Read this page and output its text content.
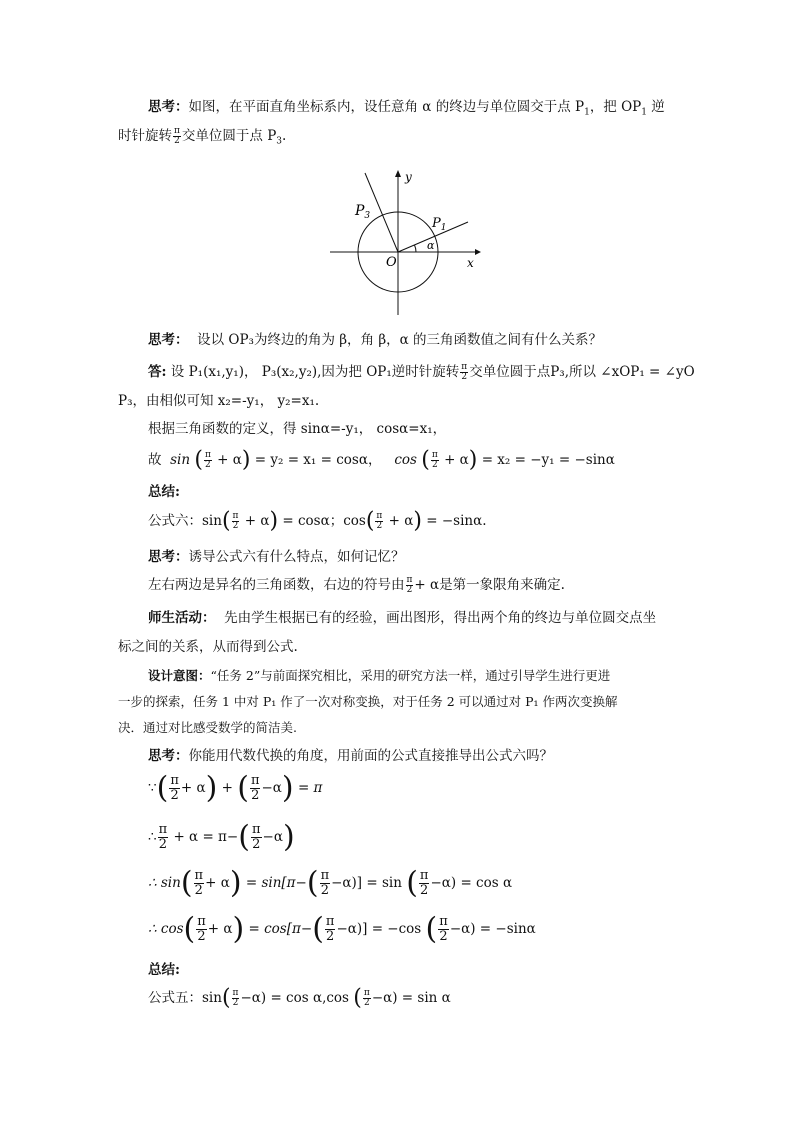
思考：如图，在平面直角坐标系内，设任意角 α 的终边与单位圆交于点 $P_1$，把 $OP_1$ 逆
时针旋转 $\frac{\pi}{2}$ 交单位圆于点 $P_3$.
$P_3$	$P_1$
α
O	x
y
思考： 设以 OP₃为终边的角为 β，角 β，α 的三角函数值之间有什么关系？
答: 设 P₁(x₁,y₁)， P₃(x₂,y₂),因为把 OP₁逆时针旋转 $\frac{\pi}{2}$ 交单位圆于点P₃,所以 ∠xOP₁ = ∠yO
P₃，由相似可知 x₂=-y₁， y₂=x₁.
根据三角函数的定义，得 sinα=-y₁， cosα=x₁，
故 sin ( $\frac{\pi}{2} + \alpha) = y_2 = x_1 = \cos\alpha$， cos ( $\frac{\pi}{2} + \alpha) = x_2 = -y_1 = -\sin\alpha$
总结:
公式六：$\sin( \frac{\pi}{2} + \alpha) = \cos\alpha$；$\cos( \frac{\pi}{2} + \alpha) = -\sin\alpha$.
思考：诱导公式六有什么特点，如何记忆？
左右两边是异名的三角函数，右边的符号由 $\frac{\pi}{2} + \alpha$是第一象限角来确定.
师生活动： 先由学生根据已有的经验，画出图形，得出两个角的终边与单位圆交点坐
标之间的关系，从而得到公式.
设计意图：“任务 2”与前面探究相比，采用的研究方法一样，通过引导学生进行更进
一步的探索，任务 1 中对 P₁ 作了一次对称变换，对于任务 2 可以通过对 P₁ 作两次变换解
决．通过对比感受数学的简洁美.
思考：你能用代数代换的角度，用前面的公式直接推导出公式六吗？
∵( $\frac{\pi}{2} + \alpha$) + ( $\frac{\pi}{2} -\alpha) = \pi$
∴ $\frac{\pi}{2} + \alpha = \pi-( \frac{\pi}{2} -\alpha)$
∴ $\sin( \frac{\pi}{2} + \alpha) = \sin[\pi-( \frac{\pi}{2} -\alpha)] = \sin$ ( $\frac{\pi}{2} -\alpha) = \cos \alpha$
∴ $\cos( \frac{\pi}{2} + \alpha) = \cos[\pi-( \frac{\pi}{2} -\alpha)] = -\cos$ ( $\frac{\pi}{2} -\alpha) = -\sin\alpha$
总结:
公式五：$\sin( \frac{\pi}{2} -\alpha) = \cos \alpha,\cos$ ( $\frac{\pi}{2} -\alpha) = \sin \alpha$
